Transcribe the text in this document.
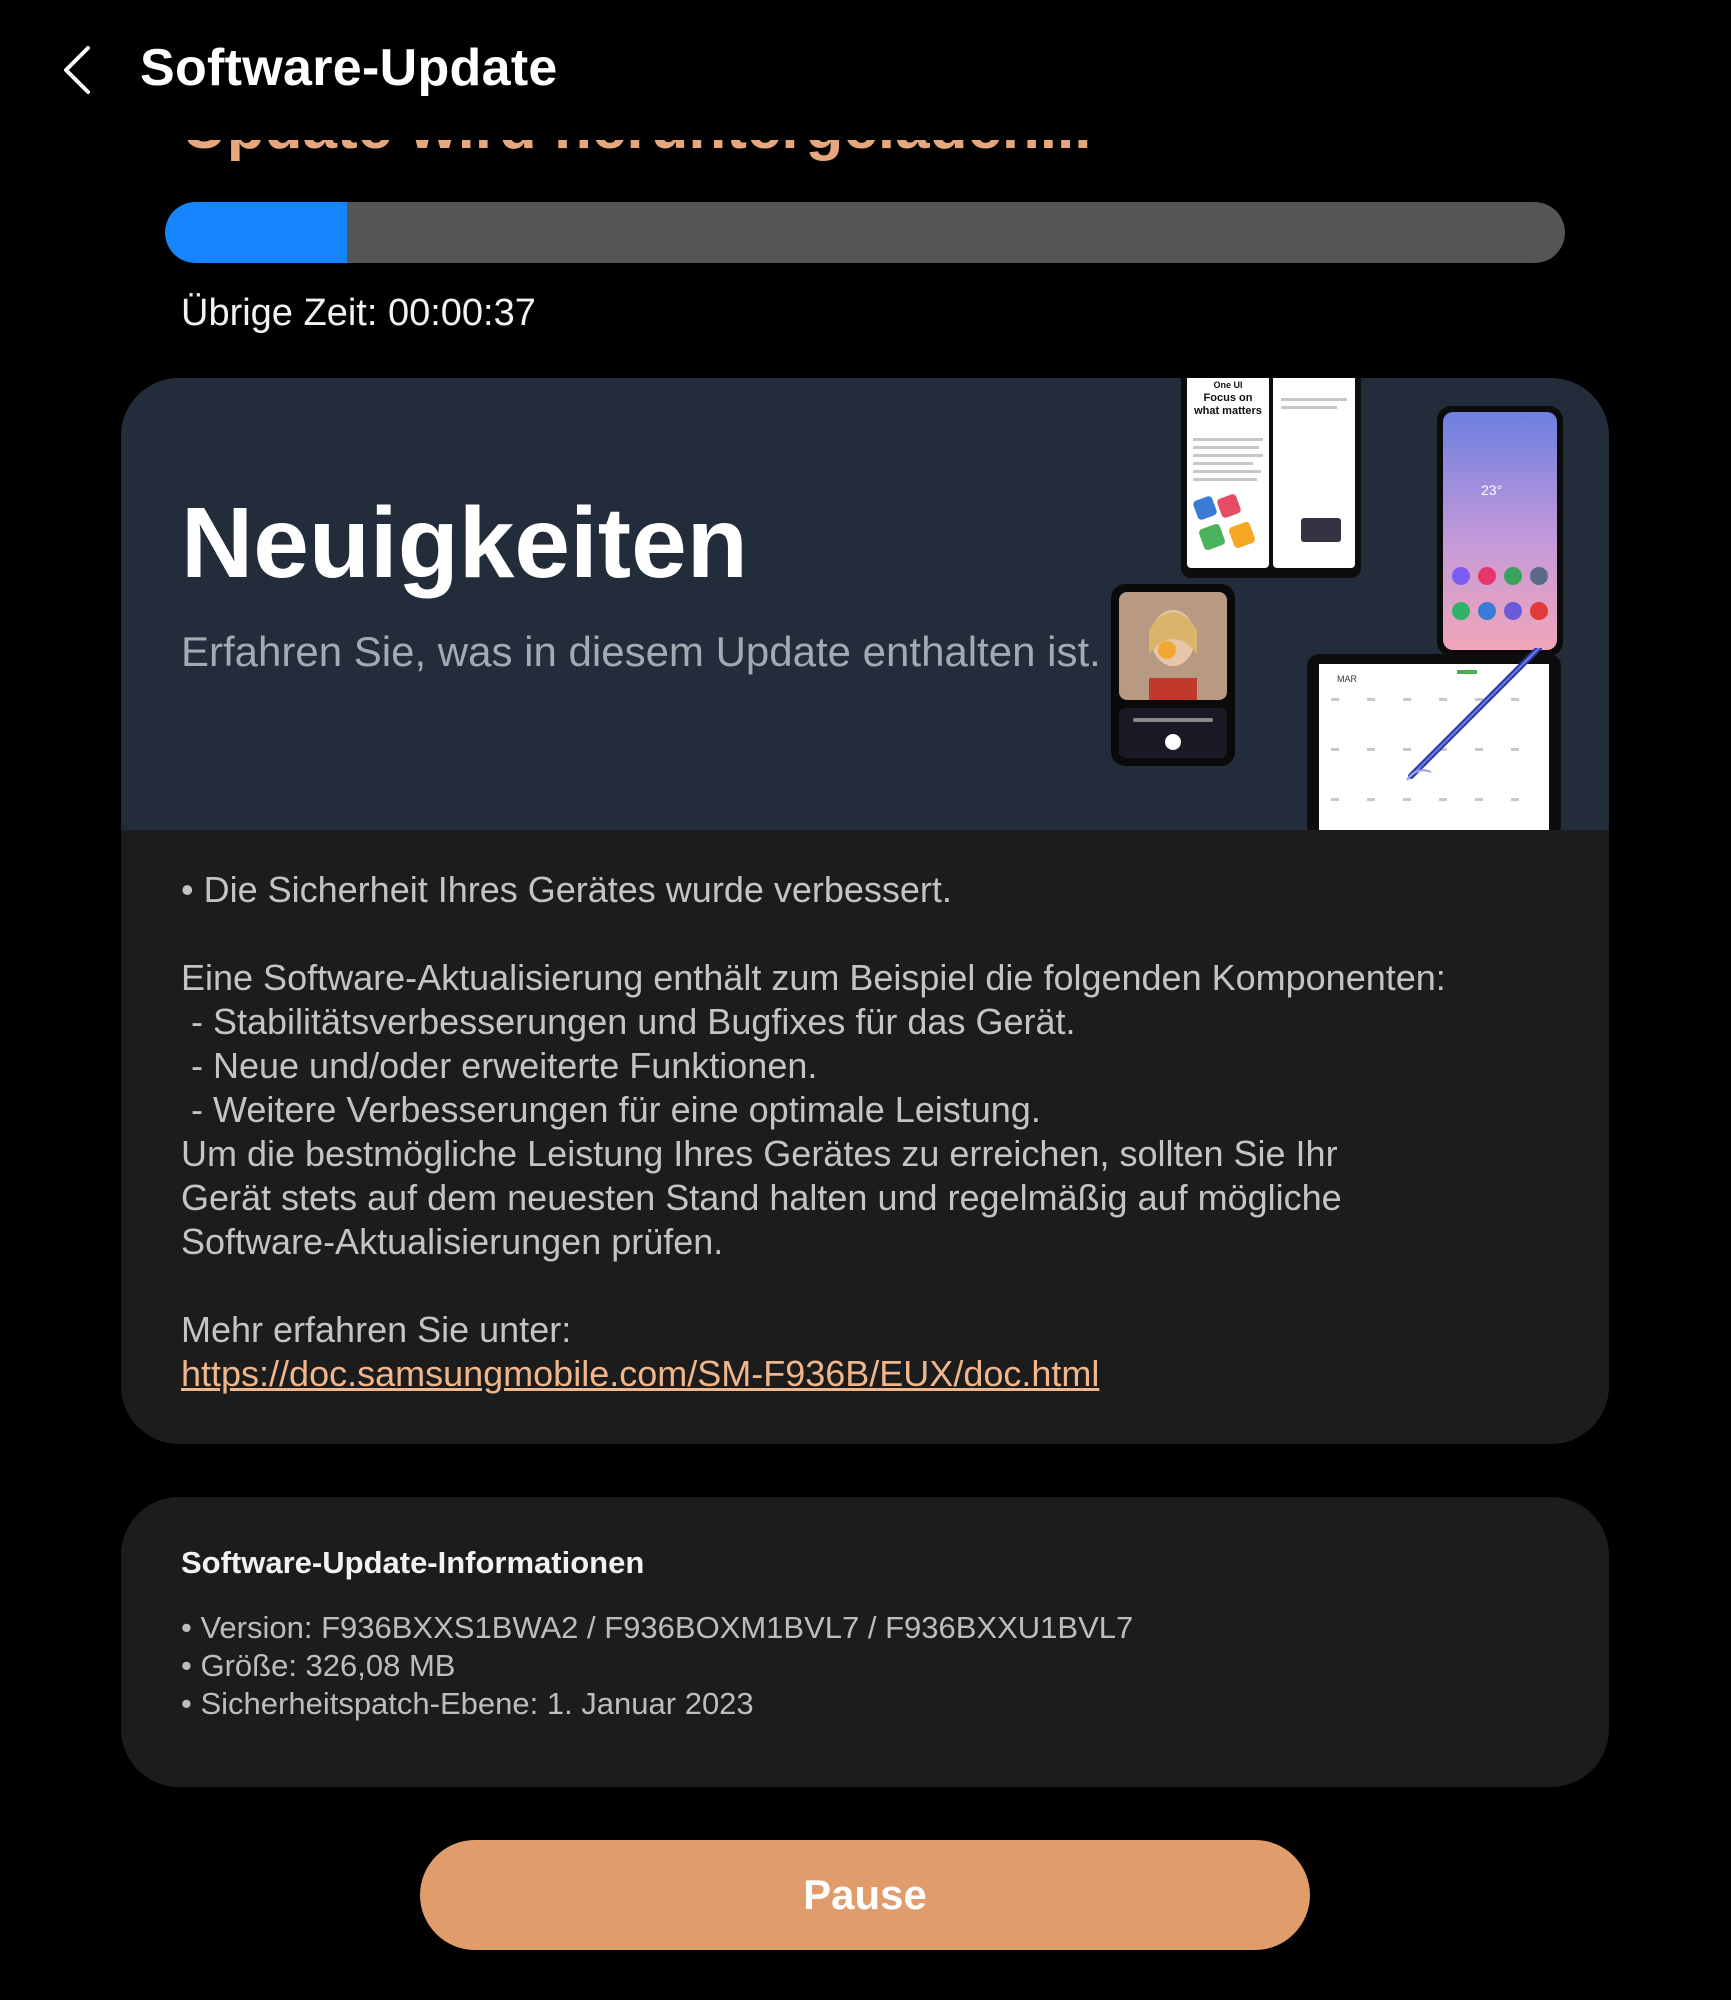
Software-Update
Übrige Zeit: 00:00:37
Neuigkeiten
Erfahren Sie, was in diesem Update enthalten ist.
One UI
Focus on
what matters
23°
MAR

• Die Sicherheit Ihres Gerätes wurde verbessert.

Eine Software-Aktualisierung enthält zum Beispiel die folgenden Komponenten:

- Stabilitätsverbesserungen und Bugfixes für das Gerät.

- Neue und/oder erweiterte Funktionen.

- Weitere Verbesserungen für eine optimale Leistung.

Um die bestmögliche Leistung Ihres Gerätes zu erreichen, sollten Sie Ihr Gerät stets auf dem neuesten Stand halten und regelmäßig auf mögliche Software-Aktualisierungen prüfen.

Mehr erfahren Sie unter:

https://doc.samsungmobile.com/SM-F936B/EUX/doc.html
Software-Update-Informationen
• Version: F936BXXS1BWA2 / F936BOXM1BVL7 / F936BXXU1BVL7
• Größe: 326,08 MB
• Sicherheitspatch-Ebene: 1. Januar 2023
Pause
